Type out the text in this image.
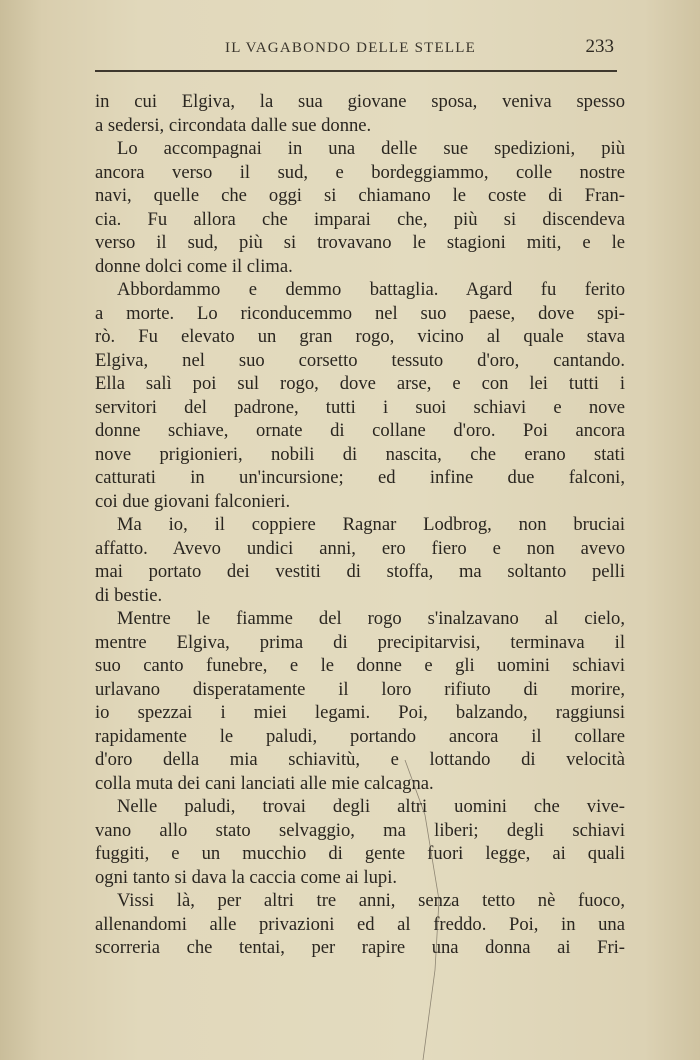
IL VAGABONDO DELLE STELLE	233
in cui Elgiva, la sua giovane sposa, veniva spesso
a sedersi, circondata dalle sue donne.
Lo accompagnai in una delle sue spedizioni, più
ancora verso il sud, e bordeggiammo, colle nostre
navi, quelle che oggi si chiamano le coste di Fran-
cia. Fu allora che imparai che, più si discendeva
verso il sud, più si trovavano le stagioni miti, e le
donne dolci come il clima.
Abbordammo e demmo battaglia. Agard fu ferito
a morte. Lo riconducemmo nel suo paese, dove spi-
rò. Fu elevato un gran rogo, vicino al quale stava
Elgiva, nel suo corsetto tessuto d'oro, cantando.
Ella salì poi sul rogo, dove arse, e con lei tutti i
servitori del padrone, tutti i suoi schiavi e nove
donne schiave, ornate di collane d'oro. Poi ancora
nove prigionieri, nobili di nascita, che erano stati
catturati in un'incursione; ed infine due falconi,
coi due giovani falconieri.
Ma io, il coppiere Ragnar Lodbrog, non bruciai
affatto. Avevo undici anni, ero fiero e non avevo
mai portato dei vestiti di stoffa, ma soltanto pelli
di bestie.
Mentre le fiamme del rogo s'inalzavano al cielo,
mentre Elgiva, prima di precipitarvisi, terminava il
suo canto funebre, e le donne e gli uomini schiavi
urlavano disperatamente il loro rifiuto di morire,
io spezzai i miei legami. Poi, balzando, raggiunsi
rapidamente le paludi, portando ancora il collare
d'oro della mia schiavitù, e lottando di velocità
colla muta dei cani lanciati alle mie calcagna.
Nelle paludi, trovai degli altri uomini che vive-
vano allo stato selvaggio, ma liberi; degli schiavi
fuggiti, e un mucchio di gente fuori legge, ai quali
ogni tanto si dava la caccia come ai lupi.
Vissi là, per altri tre anni, senza tetto nè fuoco,
allenandomi alle privazioni ed al freddo. Poi, in una
scorreria che tentai, per rapire una donna ai Fri-
